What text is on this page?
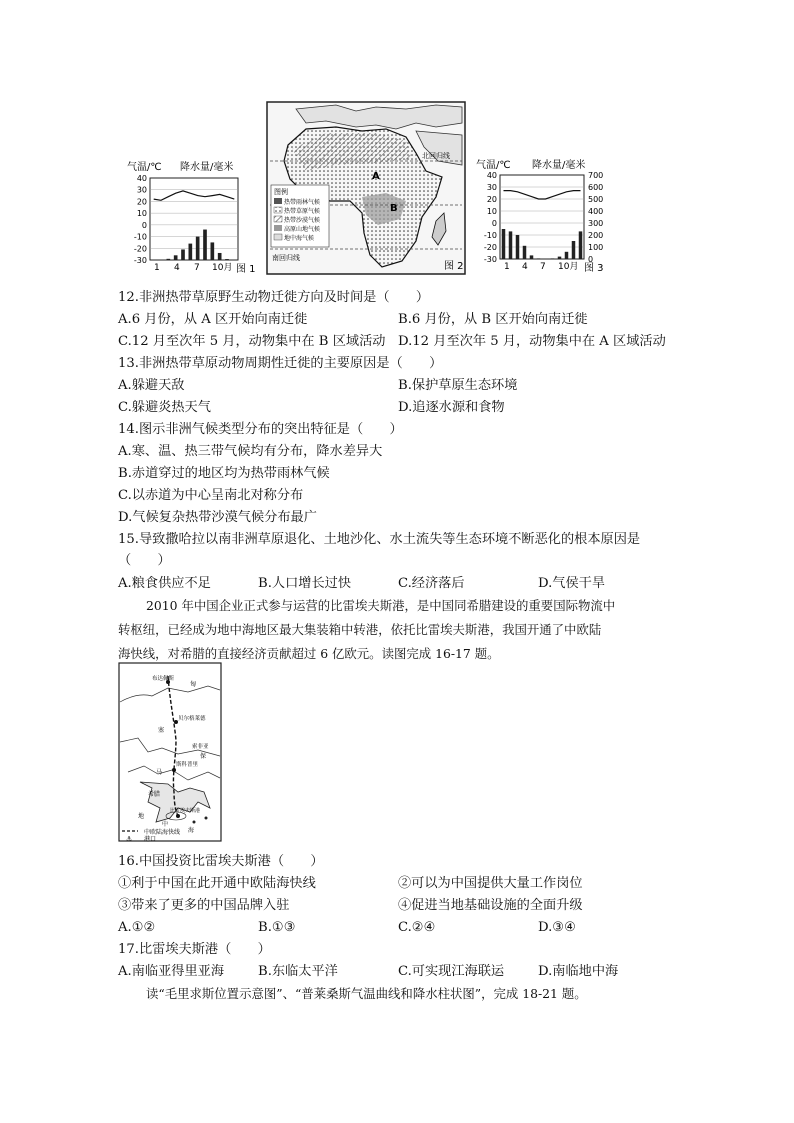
气温/℃ 降水量/毫米
40
30
20
10
0
-10
-20
-30
1 4 7 10月 图 1
北回归线
南回归线
A
B
图例
热带雨林气候
热带草原气候
热带沙漠气候
高原山地气候
地中海气候
图 2
气温/℃ 降水量/毫米
40
30
20
10
0
-10
-20
-30
700
600
500
400
300
200
100
0
1 4 7 10月 图 3
12.非洲热带草原野生动物迁徙方向及时间是（　　）
A.6 月份，从 A 区开始向南迁徙	B.6 月份，从 B 区开始向南迁徙
C.12 月至次年 5 月，动物集中在 B 区域活动 D.12 月至次年 5 月，动物集中在 A 区域活动
13.非洲热带草原动物周期性迁徙的主要原因是（　　）
A.躲避天敌	B.保护草原生态环境
C.躲避炎热天气	D.追逐水源和食物
14.图示非洲气候类型分布的突出特征是（　　）
A.寒、温、热三带气候均有分布，降水差异大
B.赤道穿过的地区均为热带雨林气候
C.以赤道为中心呈南北对称分布
D.气候复杂热带沙漠气候分布最广
15.导致撒哈拉以南非洲草原退化、土地沙化、水土流失等生态环境不断恶化的根本原因是
（　　）
A.粮食供应不足	B.人口增长过快	C.经济落后	D.气侯干旱
2010 年中国企业正式参与运营的比雷埃夫斯港，是中国同希腊建设的重要国际物流中
转枢纽，已经成为地中海地区最大集装箱中转港，依托比雷埃夫斯港，我国开通了中欧陆
海快线，对希腊的直接经济贡献超过 6 亿欧元。读图完成 16-17 题。
布达佩斯
匈
贝尔格莱德
塞
斯科普里
马
保
索非亚
希腊
比雷埃夫斯港
地
中
海
中欧陆海快线
⚓ 港口
16.中国投资比雷埃夫斯港（　　）
①利于中国在此开通中欧陆海快线	②可以为中国提供大量工作岗位
③带来了更多的中国品牌入驻	④促进当地基础设施的全面升级
A.①②	B.①③	C.②④	D.③④
17.比雷埃夫斯港（　　）
A.南临亚得里亚海	B.东临太平洋	C.可实现江海联运	D.南临地中海
读“毛里求斯位置示意图”、“普莱桑斯气温曲线和降水柱状图”，完成 18-21 题。
